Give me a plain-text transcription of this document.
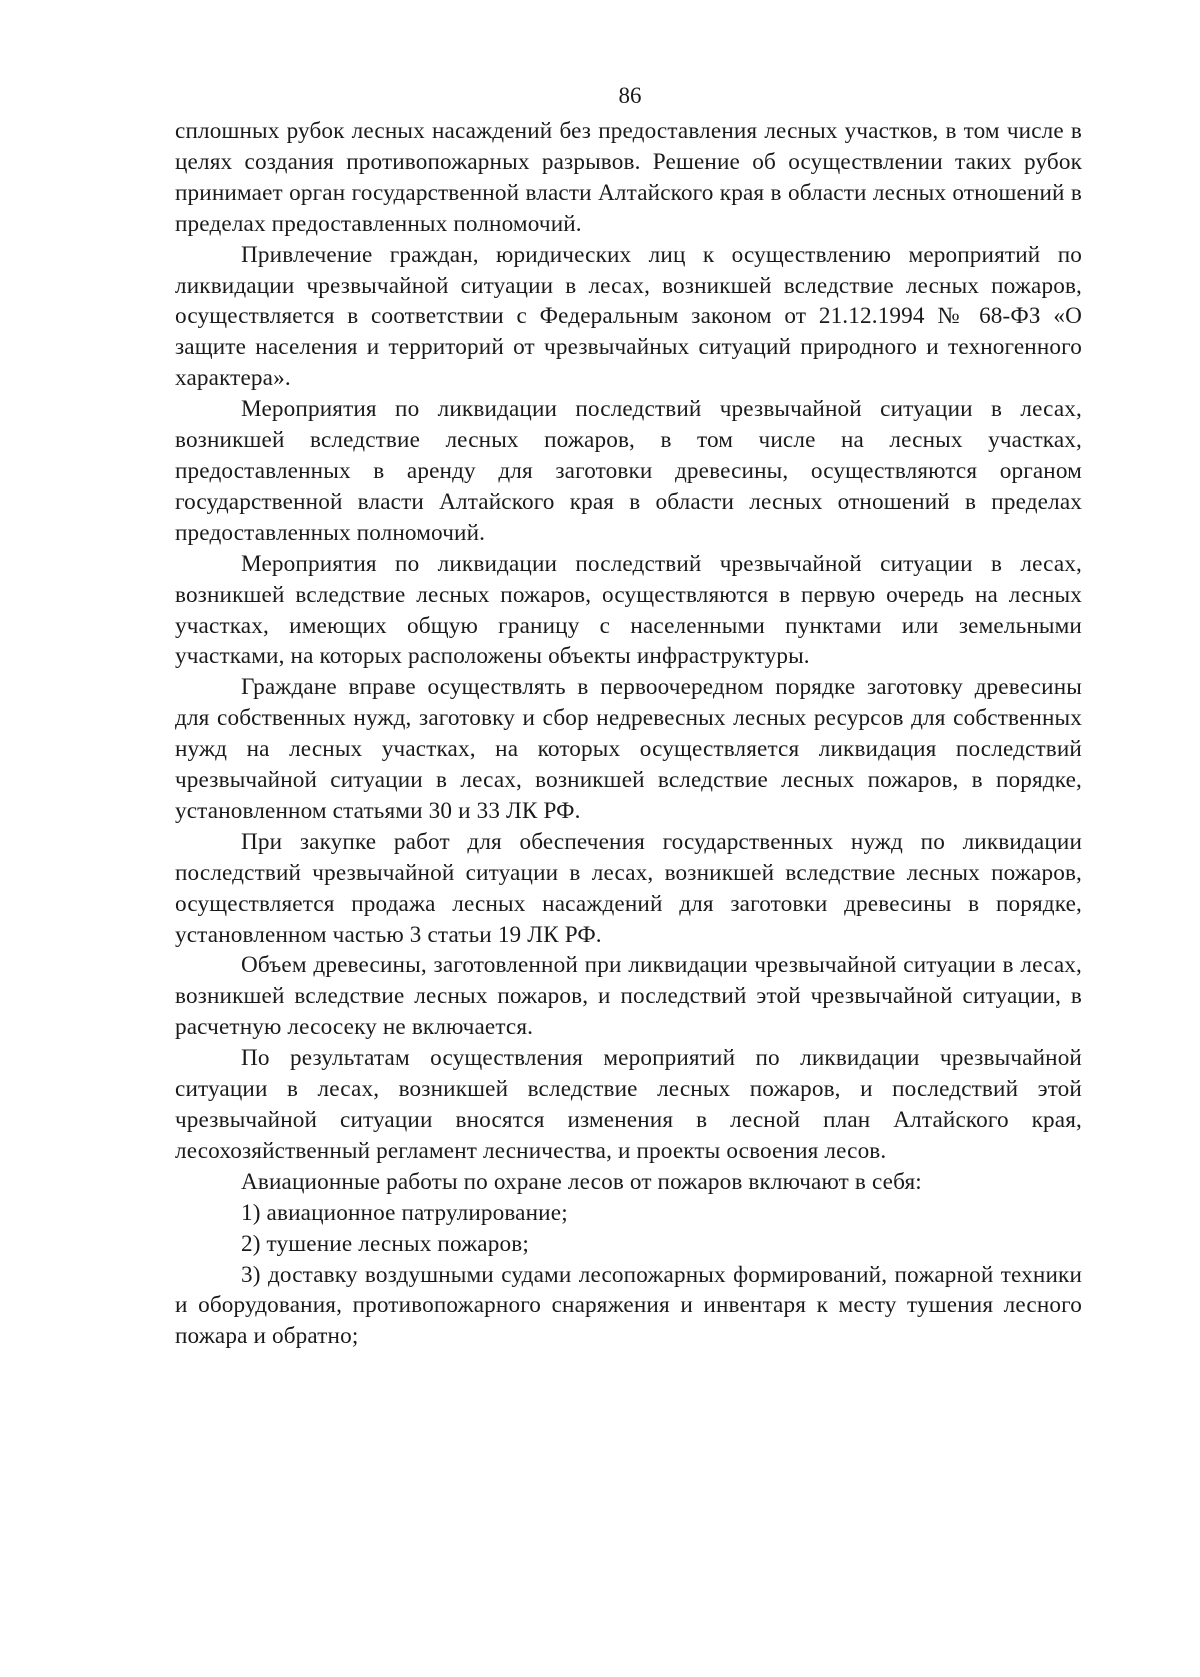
86

сплошных рубок лесных насаждений без предоставления лесных участков, в том числе в целях создания противопожарных разрывов. Решение об осуществлении таких рубок принимает орган государственной власти Алтайского края в области лесных отношений в пределах предоставленных полномочий.

Привлечение граждан, юридических лиц к осуществлению мероприятий по ликвидации чрезвычайной ситуации в лесах, возникшей вследствие лесных пожаров, осуществляется в соответствии с Федеральным законом от 21.12.1994 № 68-ФЗ «О защите населения и территорий от чрезвычайных ситуаций природного и техногенного характера».

Мероприятия по ликвидации последствий чрезвычайной ситуации в лесах, возникшей вследствие лесных пожаров, в том числе на лесных участках, предоставленных в аренду для заготовки древесины, осуществляются органом государственной власти Алтайского края в области лесных отношений в пределах предоставленных полномочий.

Мероприятия по ликвидации последствий чрезвычайной ситуации в лесах, возникшей вследствие лесных пожаров, осуществляются в первую очередь на лесных участках, имеющих общую границу с населенными пунктами или земельными участками, на которых расположены объекты инфраструктуры.

Граждане вправе осуществлять в первоочередном порядке заготовку древесины для собственных нужд, заготовку и сбор недревесных лесных ресурсов для собственных нужд на лесных участках, на которых осуществляется ликвидация последствий чрезвычайной ситуации в лесах, возникшей вследствие лесных пожаров, в порядке, установленном статьями 30 и 33 ЛК РФ.

При закупке работ для обеспечения государственных нужд по ликвидации последствий чрезвычайной ситуации в лесах, возникшей вследствие лесных пожаров, осуществляется продажа лесных насаждений для заготовки древесины в порядке, установленном частью 3 статьи 19 ЛК РФ.

Объем древесины, заготовленной при ликвидации чрезвычайной ситуации в лесах, возникшей вследствие лесных пожаров, и последствий этой чрезвычайной ситуации, в расчетную лесосеку не включается.

По результатам осуществления мероприятий по ликвидации чрезвычайной ситуации в лесах, возникшей вследствие лесных пожаров, и последствий этой чрезвычайной ситуации вносятся изменения в лесной план Алтайского края, лесохозяйственный регламент лесничества, и проекты освоения лесов.

Авиационные работы по охране лесов от пожаров включают в себя:

1) авиационное патрулирование;

2) тушение лесных пожаров;

3) доставку воздушными судами лесопожарных формирований, пожарной техники и оборудования, противопожарного снаряжения и инвентаря к месту тушения лесного пожара и обратно;
